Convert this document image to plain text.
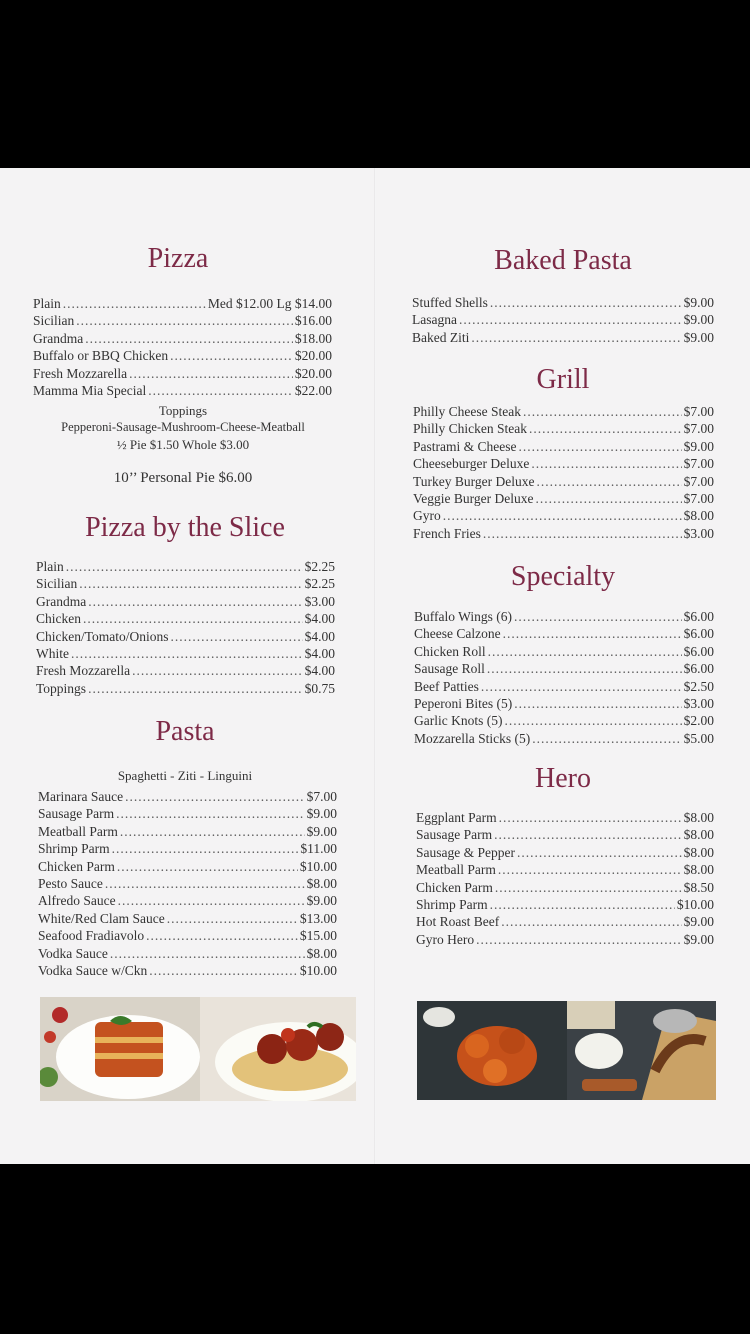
Pizza
Plain .....	Med $12.00 Lg $14.00
Sicilian .....	$16.00
Grandma .....	$18.00
Buffalo or BBQ Chicken .....	$20.00
Fresh Mozzarella .....	$20.00
Mamma Mia Special .....	$22.00

Toppings

Pepperoni-Sausage-Mushroom-Cheese-Meatball

½ Pie $1.50 Whole $3.00

10’’ Personal Pie $6.00

Pizza by the Slice
Plain .....	$2.25
Sicilian .....	$2.25
Grandma .....	$3.00
Chicken .....	$4.00
Chicken/Tomato/Onions .....	$4.00
White .....	$4.00
Fresh Mozzarella .....	$4.00
Toppings .....	$0.75
Pasta

Spaghetti - Ziti - Linguini

Marinara Sauce .....	$7.00
Sausage Parm .....	$9.00
Meatball Parm .....	$9.00
Shrimp Parm .....	$11.00
Chicken Parm .....	$10.00
Pesto Sauce .....	$8.00
Alfredo Sauce .....	$9.00
White/Red Clam Sauce .....	$13.00
Seafood Fradiavolo .....	$15.00
Vodka Sauce .....	$8.00
Vodka Sauce w/Ckn .....	$10.00
Baked Pasta
Stuffed Shells .....	$9.00
Lasagna .....	$9.00
Baked Ziti .....	$9.00
Grill
Philly Cheese Steak .....	$7.00
Philly Chicken Steak .....	$7.00
Pastrami & Cheese .....	$9.00
Cheeseburger Deluxe .....	$7.00
Turkey Burger Deluxe .....	$7.00
Veggie Burger Deluxe .....	$7.00
Gyro .....	$8.00
French Fries .....	$3.00
Specialty
Buffalo Wings (6) .....	$6.00
Cheese Calzone .....	$6.00
Chicken Roll .....	$6.00
Sausage Roll .....	$6.00
Beef Patties .....	$2.50
Peperoni Bites (5) .....	$3.00
Garlic Knots (5) .....	$2.00
Mozzarella Sticks (5) .....	$5.00
Hero
Eggplant Parm .....	$8.00
Sausage Parm .....	$8.00
Sausage & Pepper .....	$8.00
Meatball Parm .....	$8.00
Chicken Parm .....	$8.50
Shrimp Parm .....	$10.00
Hot Roast Beef .....	$9.00
Gyro Hero .....	$9.00
